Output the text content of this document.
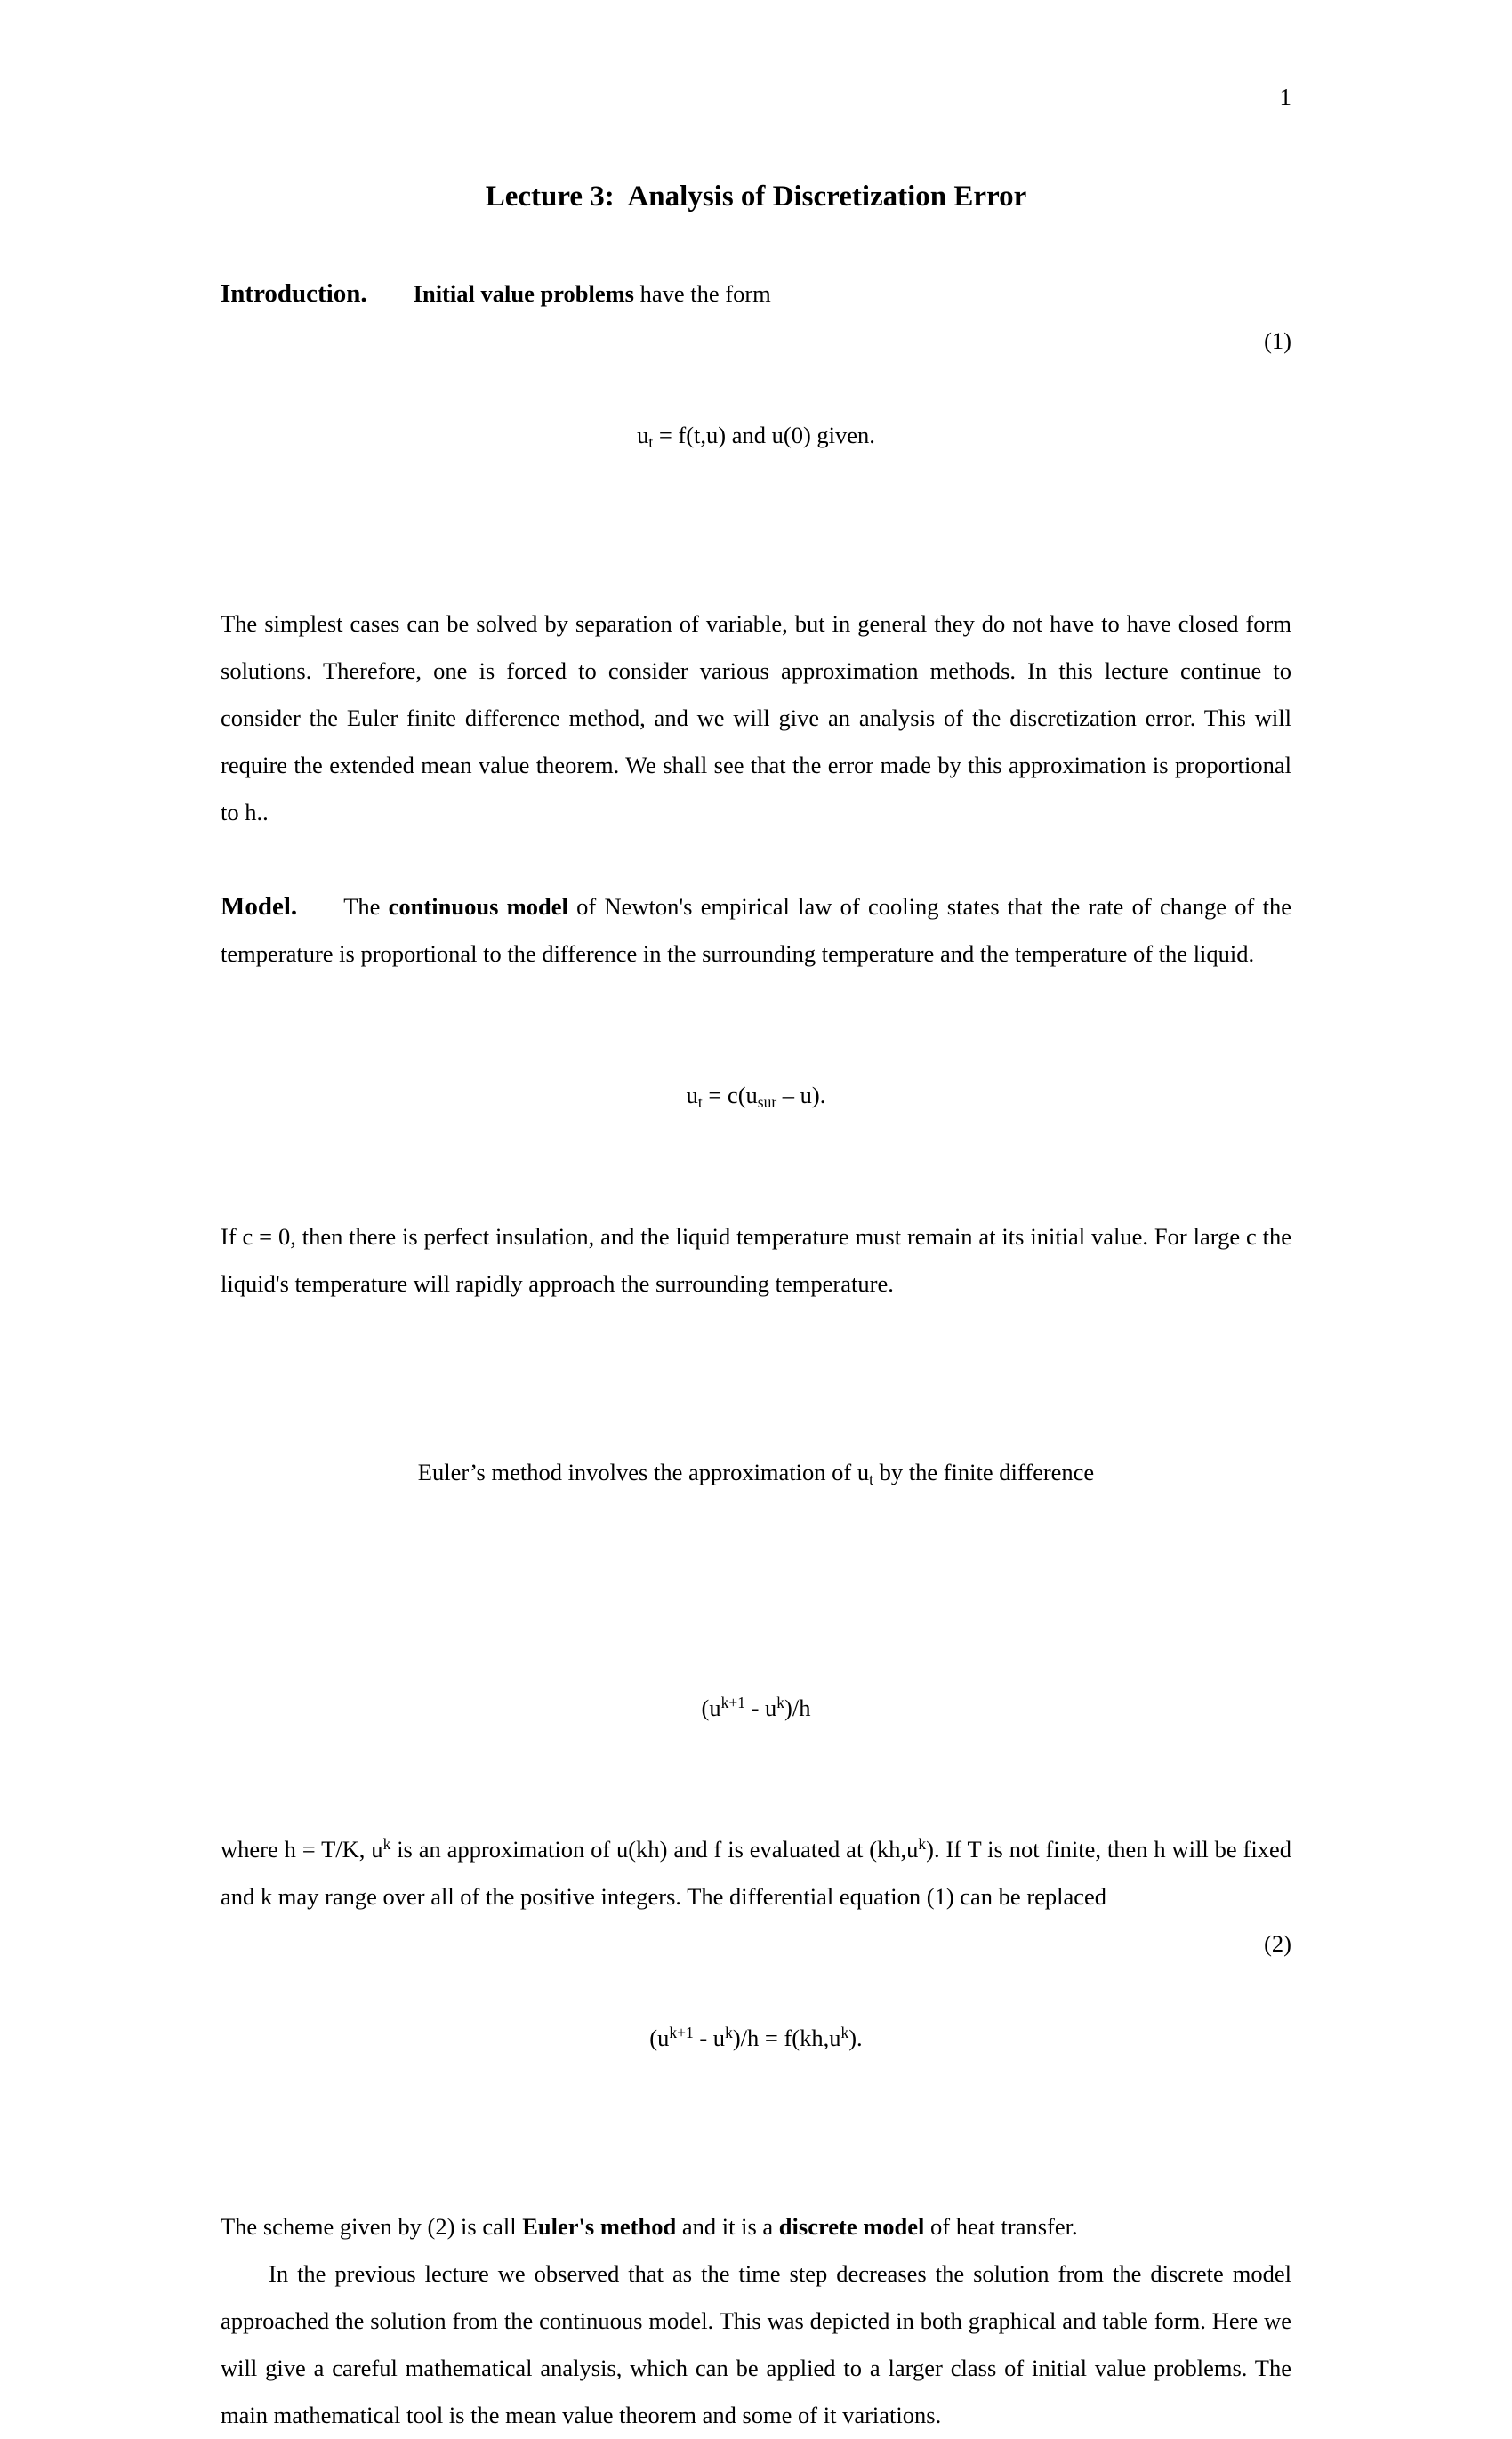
1
Lecture 3:  Analysis of Discretization Error

Introduction. Initial value problems have the form

$u_t = f(t,u)$ and u(0) given.

(1)

The simplest cases can be solved by separation of variable, but in general they do not have to have closed form solutions. Therefore, one is forced to consider various approximation methods. In this lecture continue to consider the Euler finite difference method, and we will give an analysis of the discretization error. This will require the extended mean value theorem. We shall see that the error made by this approximation is proportional to h..

Model. The continuous model of Newton's empirical law of cooling states that the rate of change of the temperature is proportional to the difference in the surrounding temperature and the temperature of the liquid.

$u_t = c(u_{sur} - u)$.

If c = 0, then there is perfect insulation, and the liquid temperature must remain at its initial value. For large c the liquid's temperature will rapidly approach the surrounding temperature.

Euler’s method involves the approximation of $u_t$ by the finite difference

$(u^{k+1} - u^k)/h$

where h = T/K, $u^k$ is an approximation of u(kh) and f is evaluated at $(kh,u^k)$. If T is not finite, then h will be fixed and k may range over all of the positive integers. The differential equation (1) can be replaced

$(u^{k+1} - u^k)/h = f(kh,u^k)$.

(2)

The scheme given by (2) is call Euler's method and it is a discrete model of heat transfer.

In the previous lecture we observed that as the time step decreases the solution from the discrete model approached the solution from the continuous model. This was depicted in both graphical and table form. Here we will give a careful mathematical analysis, which can be applied to a larger class of initial value problems. The main mathematical tool is the mean value theorem and some of it variations.
